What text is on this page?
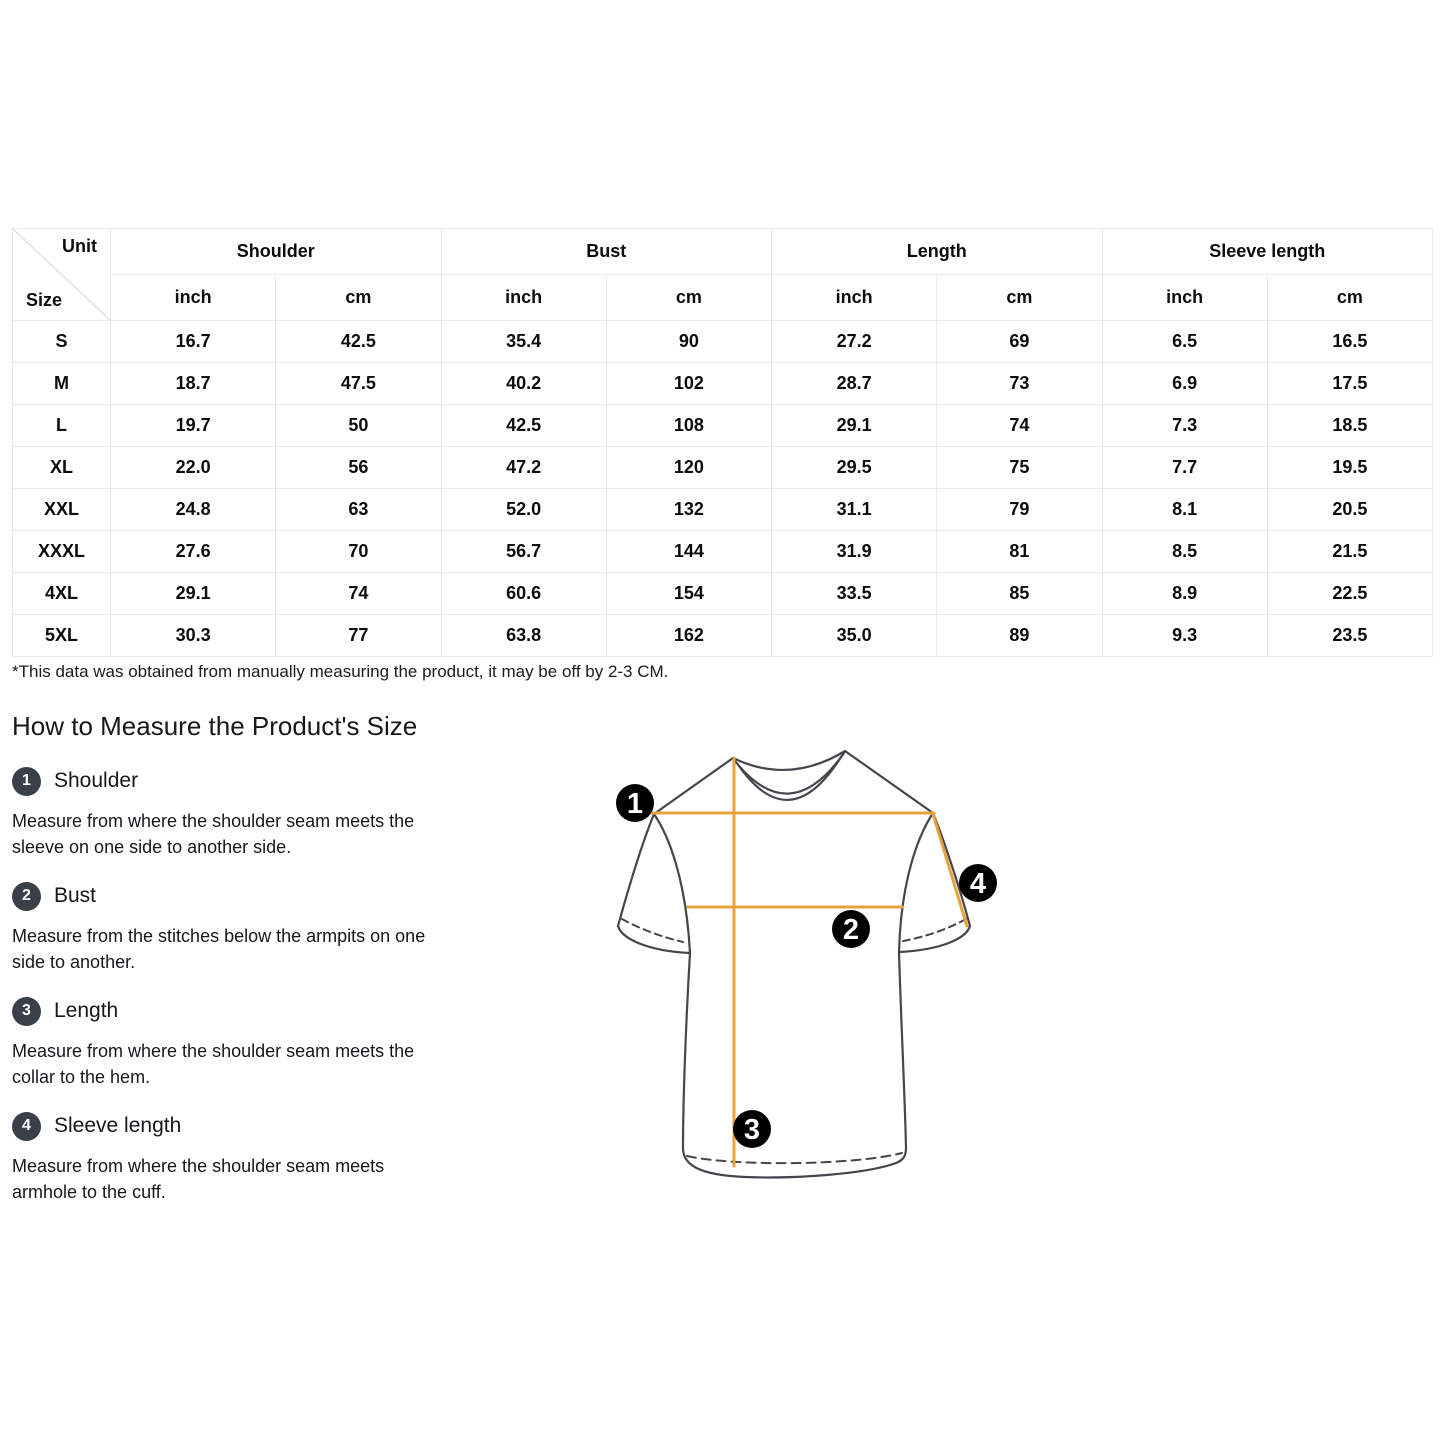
Unit
Size	Shoulder		Bust		Length		Sleeve length	
	inch	cm	inch	cm	inch	cm	inch	cm
S	16.7	42.5	35.4	90	27.2	69	6.5	16.5
M	18.7	47.5	40.2	102	28.7	73	6.9	17.5
L	19.7	50	42.5	108	29.1	74	7.3	18.5
XL	22.0	56	47.2	120	29.5	75	7.7	19.5
XXL	24.8	63	52.0	132	31.1	79	8.1	20.5
XXXL	27.6	70	56.7	144	31.9	81	8.5	21.5
4XL	29.1	74	60.6	154	33.5	85	8.9	22.5
5XL	30.3	77	63.8	162	35.0	89	9.3	23.5
*This data was obtained from manually measuring the product, it may be off by 2-3 CM.
How to Measure the Product's Size
1	Shoulder

Measure from where the shoulder seam meets the
sleeve on one side to another side.

2	Bust

Measure from the stitches below the armpits on one
side to another.

3	Length

Measure from where the shoulder seam meets the
collar to the hem.

4	Sleeve length

Measure from where the shoulder seam meets
armhole to the cuff.

1
2
3
4
